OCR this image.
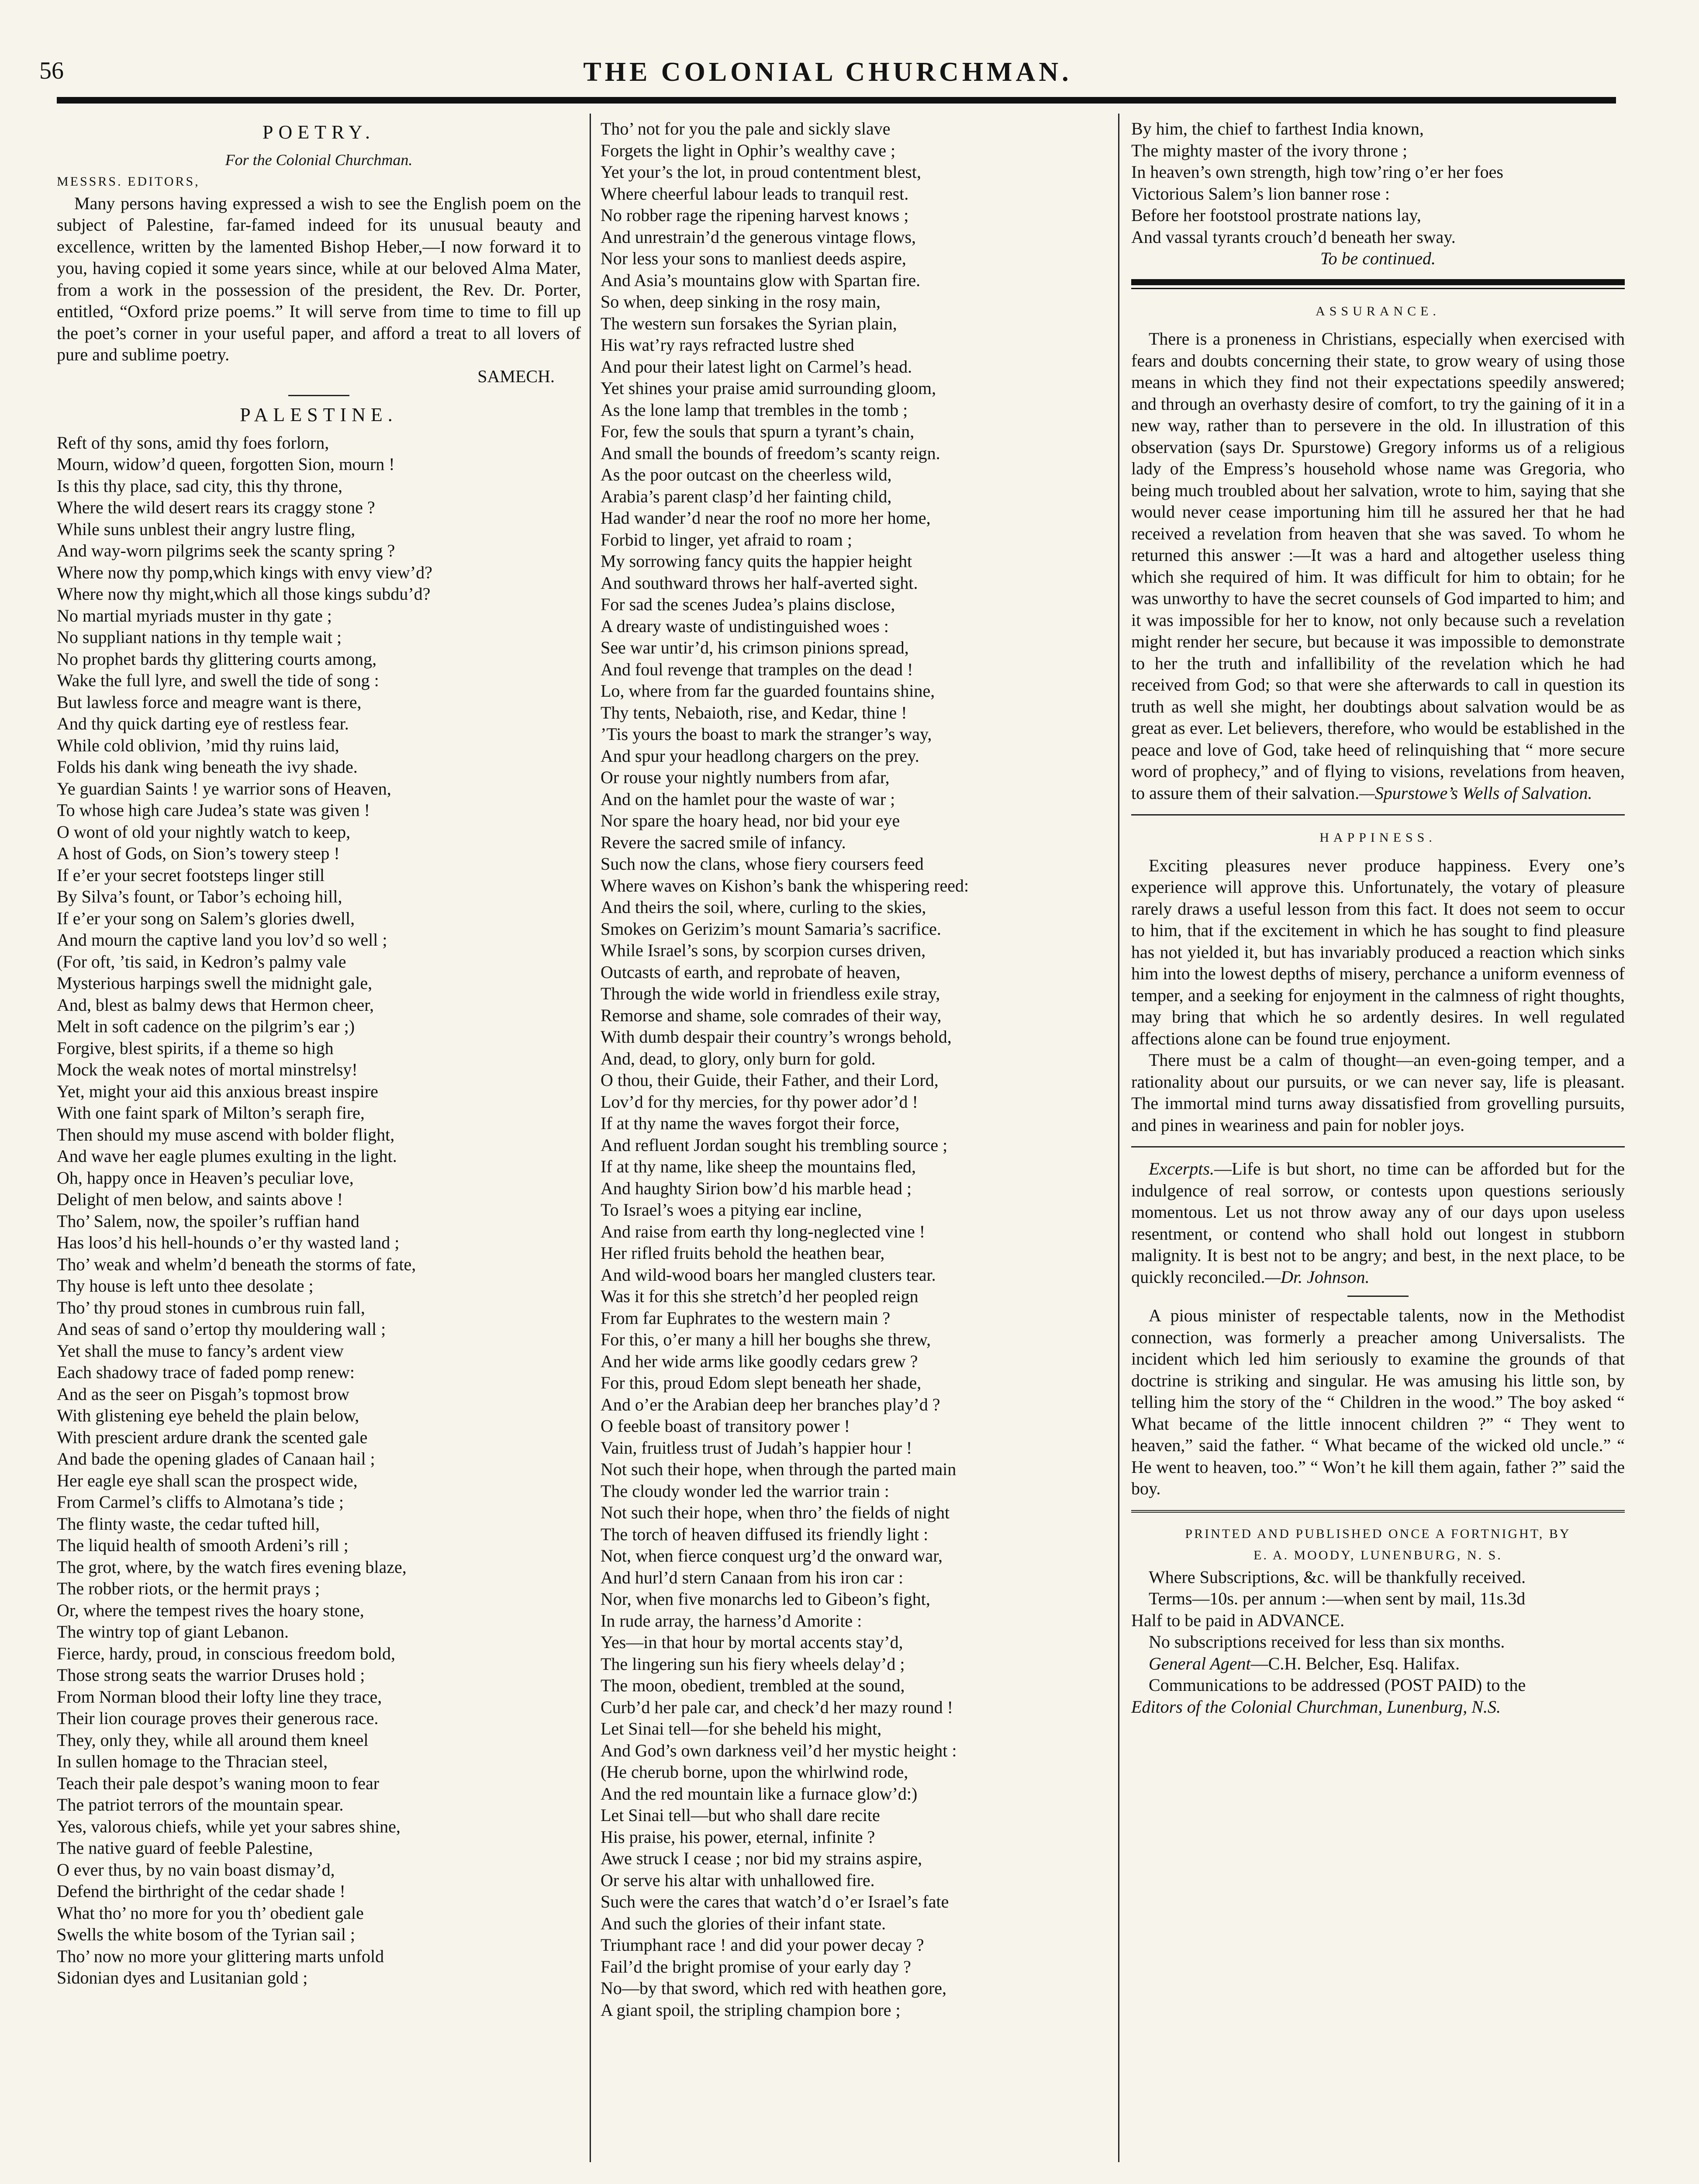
56	THE COLONIAL CHURCHMAN.
POETRY.
For the Colonial Churchman.
MESSRS. EDITORS,

Many persons having expressed a wish to see the English poem on the subject of Palestine, far-famed indeed for its unusual beauty and excellence, written by the lamented Bishop Heber,—I now forward it to you, having copied it some years since, while at our beloved Alma Mater, from a work in the possession of the president, the Rev. Dr. Porter, entitled, “Oxford prize poems.” It will serve from time to time to fill up the poet’s corner in your useful paper, and afford a treat to all lovers of pure and sublime poetry.

SAMECH.
PALESTINE.
Reft of thy sons, amid thy foes forlorn,
Mourn, widow’d queen, forgotten Sion, mourn !
Is this thy place, sad city, this thy throne,
Where the wild desert rears its craggy stone ?
While suns unblest their angry lustre fling,
And way-worn pilgrims seek the scanty spring ?
Where now thy pomp,which kings with envy view’d?
Where now thy might,which all those kings subdu’d?
No martial myriads muster in thy gate ;
No suppliant nations in thy temple wait ;
No prophet bards thy glittering courts among,
Wake the full lyre, and swell the tide of song :
But lawless force and meagre want is there,
And thy quick darting eye of restless fear.
While cold oblivion, ’mid thy ruins laid,
Folds his dank wing beneath the ivy shade.
Ye guardian Saints ! ye warrior sons of Heaven,
To whose high care Judea’s state was given !
O wont of old your nightly watch to keep,
A host of Gods, on Sion’s towery steep !
If e’er your secret footsteps linger still
By Silva’s fount, or Tabor’s echoing hill,
If e’er your song on Salem’s glories dwell,
And mourn the captive land you lov’d so well ;
(For oft, ’tis said, in Kedron’s palmy vale
Mysterious harpings swell the midnight gale,
And, blest as balmy dews that Hermon cheer,
Melt in soft cadence on the pilgrim’s ear ;)
Forgive, blest spirits, if a theme so high
Mock the weak notes of mortal minstrelsy!
Yet, might your aid this anxious breast inspire
With one faint spark of Milton’s seraph fire,
Then should my muse ascend with bolder flight,
And wave her eagle plumes exulting in the light.
Oh, happy once in Heaven’s peculiar love,
Delight of men below, and saints above !
Tho’ Salem, now, the spoiler’s ruffian hand
Has loos’d his hell-hounds o’er thy wasted land ;
Tho’ weak and whelm’d beneath the storms of fate,
Thy house is left unto thee desolate ;
Tho’ thy proud stones in cumbrous ruin fall,
And seas of sand o’ertop thy mouldering wall ;
Yet shall the muse to fancy’s ardent view
Each shadowy trace of faded pomp renew:
And as the seer on Pisgah’s topmost brow
With glistening eye beheld the plain below,
With prescient ardure drank the scented gale
And bade the opening glades of Canaan hail ;
Her eagle eye shall scan the prospect wide,
From Carmel’s cliffs to Almotana’s tide ;
The flinty waste, the cedar tufted hill,
The liquid health of smooth Ardeni’s rill ;
The grot, where, by the watch fires evening blaze,
The robber riots, or the hermit prays ;
Or, where the tempest rives the hoary stone,
The wintry top of giant Lebanon.
Fierce, hardy, proud, in conscious freedom bold,
Those strong seats the warrior Druses hold ;
From Norman blood their lofty line they trace,
Their lion courage proves their generous race.
They, only they, while all around them kneel
In sullen homage to the Thracian steel,
Teach their pale despot’s waning moon to fear
The patriot terrors of the mountain spear.
Yes, valorous chiefs, while yet your sabres shine,
The native guard of feeble Palestine,
O ever thus, by no vain boast dismay’d,
Defend the birthright of the cedar shade !
What tho’ no more for you th’ obedient gale
Swells the white bosom of the Tyrian sail ;
Tho’ now no more your glittering marts unfold
Sidonian dyes and Lusitanian gold ;
Tho’ not for you the pale and sickly slave
Forgets the light in Ophir’s wealthy cave ;
Yet your’s the lot, in proud contentment blest,
Where cheerful labour leads to tranquil rest.
No robber rage the ripening harvest knows ;
And unrestrain’d the generous vintage flows,
Nor less your sons to manliest deeds aspire,
And Asia’s mountains glow with Spartan fire.
So when, deep sinking in the rosy main,
The western sun forsakes the Syrian plain,
His wat’ry rays refracted lustre shed
And pour their latest light on Carmel’s head.
Yet shines your praise amid surrounding gloom,
As the lone lamp that trembles in the tomb ;
For, few the souls that spurn a tyrant’s chain,
And small the bounds of freedom’s scanty reign.
As the poor outcast on the cheerless wild,
Arabia’s parent clasp’d her fainting child,
Had wander’d near the roof no more her home,
Forbid to linger, yet afraid to roam ;
My sorrowing fancy quits the happier height
And southward throws her half-averted sight.
For sad the scenes Judea’s plains disclose,
A dreary waste of undistinguished woes :
See war untir’d, his crimson pinions spread,
And foul revenge that tramples on the dead !
Lo, where from far the guarded fountains shine,
Thy tents, Nebaioth, rise, and Kedar, thine !
’Tis yours the boast to mark the stranger’s way,
And spur your headlong chargers on the prey.
Or rouse your nightly numbers from afar,
And on the hamlet pour the waste of war ;
Nor spare the hoary head, nor bid your eye
Revere the sacred smile of infancy.
Such now the clans, whose fiery coursers feed
Where waves on Kishon’s bank the whispering reed:
And theirs the soil, where, curling to the skies,
Smokes on Gerizim’s mount Samaria’s sacrifice.
While Israel’s sons, by scorpion curses driven,
Outcasts of earth, and reprobate of heaven,
Through the wide world in friendless exile stray,
Remorse and shame, sole comrades of their way,
With dumb despair their country’s wrongs behold,
And, dead, to glory, only burn for gold.
O thou, their Guide, their Father, and their Lord,
Lov’d for thy mercies, for thy power ador’d !
If at thy name the waves forgot their force,
And refluent Jordan sought his trembling source ;
If at thy name, like sheep the mountains fled,
And haughty Sirion bow’d his marble head ;
To Israel’s woes a pitying ear incline,
And raise from earth thy long-neglected vine !
Her rifled fruits behold the heathen bear,
And wild-wood boars her mangled clusters tear.
Was it for this she stretch’d her peopled reign
From far Euphrates to the western main ?
For this, o’er many a hill her boughs she threw,
And her wide arms like goodly cedars grew ?
For this, proud Edom slept beneath her shade,
And o’er the Arabian deep her branches play’d ?
O feeble boast of transitory power !
Vain, fruitless trust of Judah’s happier hour !
Not such their hope, when through the parted main
The cloudy wonder led the warrior train :
Not such their hope, when thro’ the fields of night
The torch of heaven diffused its friendly light :
Not, when fierce conquest urg’d the onward war,
And hurl’d stern Canaan from his iron car :
Nor, when five monarchs led to Gibeon’s fight,
In rude array, the harness’d Amorite :
Yes—in that hour by mortal accents stay’d,
The lingering sun his fiery wheels delay’d ;
The moon, obedient, trembled at the sound,
Curb’d her pale car, and check’d her mazy round !
Let Sinai tell—for she beheld his might,
And God’s own darkness veil’d her mystic height :
(He cherub borne, upon the whirlwind rode,
And the red mountain like a furnace glow’d:)
Let Sinai tell—but who shall dare recite
His praise, his power, eternal, infinite ?
Awe struck I cease ; nor bid my strains aspire,
Or serve his altar with unhallowed fire.
Such were the cares that watch’d o’er Israel’s fate
And such the glories of their infant state.
Triumphant race ! and did your power decay ?
Fail’d the bright promise of your early day ?
No—by that sword, which red with heathen gore,
A giant spoil, the stripling champion bore ;
By him, the chief to farthest India known,
The mighty master of the ivory throne ;
In heaven’s own strength, high tow’ring o’er her foes
Victorious Salem’s lion banner rose :
Before her footstool prostrate nations lay,
And vassal tyrants crouch’d beneath her sway.
To be continued.
ASSURANCE.

There is a proneness in Christians, especially when exercised with fears and doubts concerning their state, to grow weary of using those means in which they find not their expectations speedily answered; and through an overhasty desire of comfort, to try the gaining of it in a new way, rather than to persevere in the old. In illustration of this observation (says Dr. Spurstowe) Gregory informs us of a religious lady of the Empress’s household whose name was Gregoria, who being much troubled about her salvation, wrote to him, saying that she would never cease importuning him till he assured her that he had received a revelation from heaven that she was saved. To whom he returned this answer :—It was a hard and altogether useless thing which she required of him. It was difficult for him to obtain; for he was unworthy to have the secret counsels of God imparted to him; and it was impossible for her to know, not only because such a revelation might render her secure, but because it was impossible to demonstrate to her the truth and infallibility of the revelation which he had received from God; so that were she afterwards to call in question its truth as well she might, her doubtings about salvation would be as great as ever. Let believers, therefore, who would be established in the peace and love of God, take heed of relinquishing that “ more secure word of prophecy,” and of flying to visions, revelations from heaven, to assure them of their salvation.—Spurstowe’s Wells of Salvation.

HAPPINESS.

Exciting pleasures never produce happiness. Every one’s experience will approve this. Unfortunately, the votary of pleasure rarely draws a useful lesson from this fact. It does not seem to occur to him, that if the excitement in which he has sought to find pleasure has not yielded it, but has invariably produced a reaction which sinks him into the lowest depths of misery, perchance a uniform evenness of temper, and a seeking for enjoyment in the calmness of right thoughts, may bring that which he so ardently desires. In well regulated affections alone can be found true enjoyment.

There must be a calm of thought—an even-going temper, and a rationality about our pursuits, or we can never say, life is pleasant. The immortal mind turns away dissatisfied from grovelling pursuits, and pines in weariness and pain for nobler joys.

Excerpts.—Life is but short, no time can be afforded but for the indulgence of real sorrow, or contests upon questions seriously momentous. Let us not throw away any of our days upon useless resentment, or contend who shall hold out longest in stubborn malignity. It is best not to be angry; and best, in the next place, to be quickly reconciled.—Dr. Johnson.

A pious minister of respectable talents, now in the Methodist connection, was formerly a preacher among Universalists. The incident which led him seriously to examine the grounds of that doctrine is striking and singular. He was amusing his little son, by telling him the story of the “ Children in the wood.” The boy asked “ What became of the little innocent children ?” “ They went to heaven,” said the father. “ What became of the wicked old uncle.” “ He went to heaven, too.” “ Won’t he kill them again, father ?” said the boy.

PRINTED AND PUBLISHED ONCE A FORTNIGHT, BY
E. A. MOODY, LUNENBURG, N. S.
Where Subscriptions, &c. will be thankfully received.
Terms—10s. per annum :—when sent by mail, 11s.3d
Half to be paid in ADVANCE.
No subscriptions received for less than six months.
General Agent—C.H. Belcher, Esq. Halifax.
Communications to be addressed (POST PAID) to the
Editors of the Colonial Churchman, Lunenburg, N.S.
